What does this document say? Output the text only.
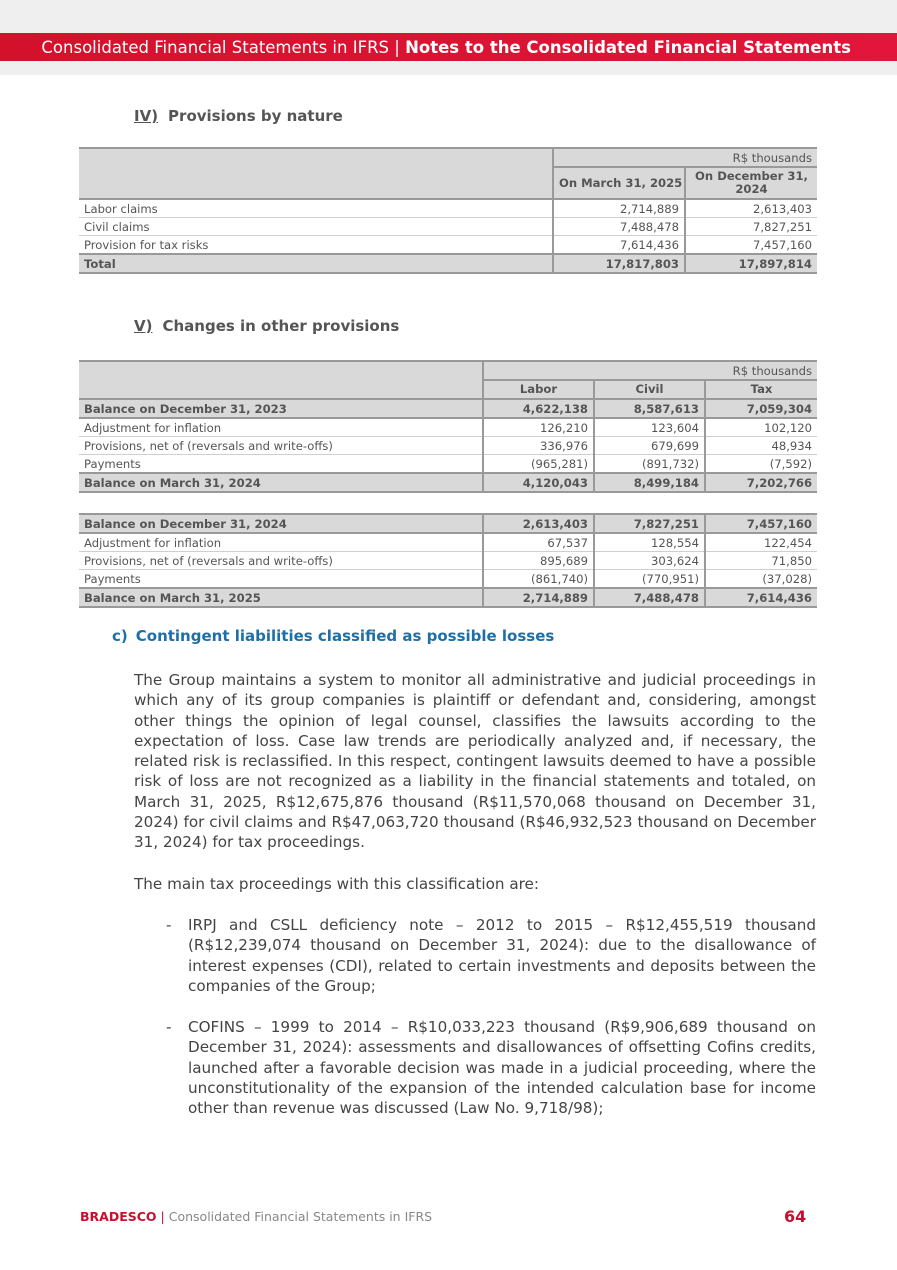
Consolidated Financial Statements in IFRS |
Notes to the Consolidated Financial Statements
IV) Provisions by nature
	R$ thousands	
	On March 31, 2025	On December 31, 2024
Labor claims	2,714,889	2,613,403
Civil claims	7,488,478	7,827,251
Provision for tax risks	7,614,436	7,457,160
Total	17,817,803	17,897,814
V) Changes in other provisions
	R$ thousands		
	Labor	Civil	Tax
Balance on December 31, 2023	4,622,138	8,587,613	7,059,304
Adjustment for inflation	126,210	123,604	102,120
Provisions, net of (reversals and write-offs)	336,976	679,699	48,934
Payments	(965,281)	(891,732)	(7,592)
Balance on March 31, 2024	4,120,043	8,499,184	7,202,766
Balance on December 31, 2024	2,613,403	7,827,251	7,457,160
Adjustment for inflation	67,537	128,554	122,454
Provisions, net of (reversals and write-offs)	895,689	303,624	71,850
Payments	(861,740)	(770,951)	(37,028)
Balance on March 31, 2025	2,714,889	7,488,478	7,614,436
c) Contingent liabilities classified as possible losses
The Group maintains a system to monitor all administrative and judicial proceedings in which any of its group companies is plaintiff or defendant and, considering, amongst other things the opinion of legal counsel, classifies the lawsuits according to the expectation of loss. Case law trends are periodically analyzed and, if necessary, the related risk is reclassified. In this respect, contingent lawsuits deemed to have a possible risk of loss are not recognized as a liability in the financial statements and totaled, on March 31, 2025, R$12,675,876 thousand (R$11,570,068 thousand on December 31, 2024) for civil claims and R$47,063,720 thousand (R$46,932,523 thousand on December 31, 2024) for tax proceedings.
The main tax proceedings with this classification are:
- IRPJ and CSLL deficiency note – 2012 to 2015 – R$12,455,519 thousand (R$12,239,074 thousand on December 31, 2024): due to the disallowance of interest expenses (CDI), related to certain investments and deposits between the companies of the Group;
- COFINS – 1999 to 2014 – R$10,033,223 thousand (R$9,906,689 thousand on December 31, 2024): assessments and disallowances of offsetting Cofins credits, launched after a favorable decision was made in a judicial proceeding, where the unconstitutionality of the expansion of the intended calculation base for income other than revenue was discussed (Law No. 9,718/98);
BRADESCO | Consolidated Financial Statements in IFRS	64
